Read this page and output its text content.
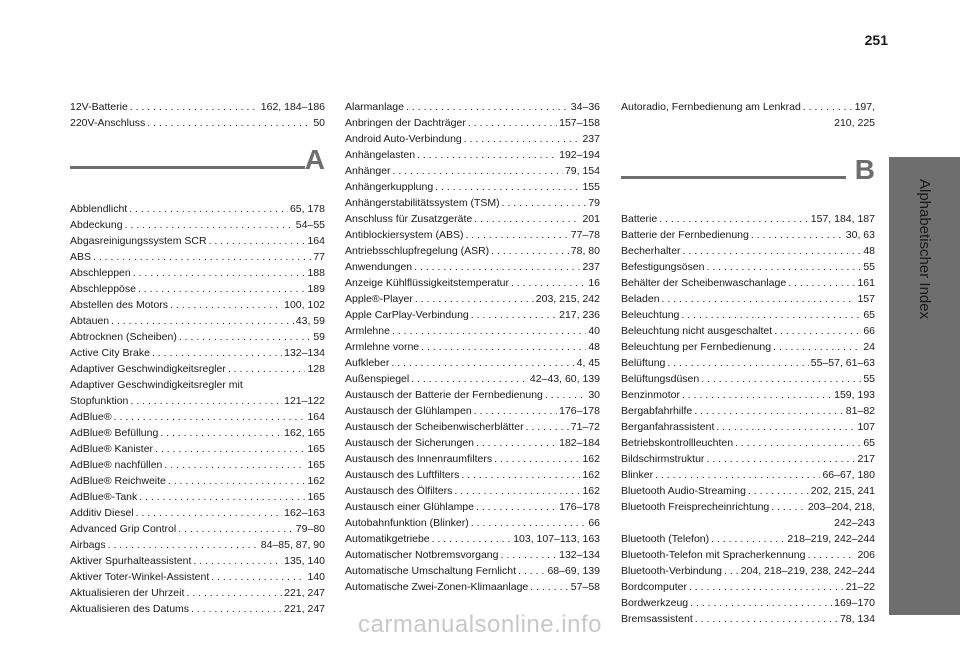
251
Alphabetischer Index
12V-Batterie . . .	162, 184–186
220V-Anschluss . . .	50
A
Abblendlicht . . .	65, 178
Abdeckung . . .	54–55
Abgasreinigungssystem SCR . . .	164
ABS . . .	77
Abschleppen . . .	188
Abschleppöse . . .	189
Abstellen des Motors . . .	100, 102
Abtauen . . .	43, 59
Abtrocknen (Scheiben) . . .	59
Active City Brake . . .	132–134
Adaptiver Geschwindigkeitsregler . . .	128
Adaptiver Geschwindigkeitsregler mit
Stopfunktion . . .	121–122
AdBlue® . . .	164
AdBlue® Befüllung . . .	162, 165
AdBlue® Kanister . . .	165
AdBlue® nachfüllen . . .	165
AdBlue® Reichweite . . .	162
AdBlue®-Tank . . .	165
Additiv Diesel . . .	162–163
Advanced Grip Control . . .	79–80
Airbags . . .	84–85, 87, 90
Aktiver Spurhalteassistent . . .	135, 140
Aktiver Toter-Winkel-Assistent . . .	140
Aktualisieren der Uhrzeit . . .	221, 247
Aktualisieren des Datums . . .	221, 247
Alarmanlage . . .	34–36
Anbringen der Dachträger . . .	157–158
Android Auto-Verbindung . . .	237
Anhängelasten . . .	192–194
Anhänger . . .	79, 154
Anhängerkupplung . . .	155
Anhängerstabilitätssystem (TSM) . . .	79
Anschluss für Zusatzgeräte . . .	201
Antiblockiersystem (ABS) . . .	77–78
Antriebsschlupfregelung (ASR) . . .	78, 80
Anwendungen . . .	237
Anzeige Kühlflüssigkeitstemperatur . . .	16
Apple®-Player . . .	203, 215, 242
Apple CarPlay-Verbindung . . .	217, 236
Armlehne . . .	40
Armlehne vorne . . .	48
Aufkleber . . .	4, 45
Außenspiegel . . .	42–43, 60, 139
Austausch der Batterie der Fernbedienung . . .	30
Austausch der Glühlampen . . .	176–178
Austausch der Scheibenwischerblätter . . .	71–72
Austausch der Sicherungen . . .	182–184
Austausch des Innenraumfilters . . .	162
Austausch des Luftfilters . . .	162
Austausch des Ölfilters . . .	162
Austausch einer Glühlampe . . .	176–178
Autobahnfunktion (Blinker) . . .	66
Automatikgetriebe . . .	103, 107–113, 163
Automatischer Notbremsvorgang . . .	132–134
Automatische Umschaltung Fernlicht . . .	68–69, 139
Automatische Zwei-Zonen-Klimaanlage . . .	57–58
Autoradio, Fernbedienung am Lenkrad . . .	197,
210, 225
B
Batterie . . .	157, 184, 187
Batterie der Fernbedienung . . .	30, 63
Becherhalter . . .	48
Befestigungsösen . . .	55
Behälter der Scheibenwaschanlage . . .	161
Beladen . . .	157
Beleuchtung . . .	65
Beleuchtung nicht ausgeschaltet . . .	66
Beleuchtung per Fernbedienung . . .	24
Belüftung . . .	55–57, 61–63
Belüftungsdüsen . . .	55
Benzinmotor . . .	159, 193
Bergabfahrhilfe . . .	81–82
Berganfahrassistent . . .	107
Betriebskontrollleuchten . . .	65
Bildschirmstruktur . . .	217
Blinker . . .	66–67, 180
Bluetooth Audio-Streaming . . .	202, 215, 241
Bluetooth Freisprecheinrichtung . . .	203–204, 218,
242–243
Bluetooth (Telefon) . . .	218–219, 242–244
Bluetooth-Telefon mit Spracherkennung . . .	206
Bluetooth-Verbindung . . . 204, 218–219, 238, 242–244
Bordcomputer . . .	21–22
Bordwerkzeug . . .	169–170
Bremsassistent . . .	78, 134
carmanualsonline.info
